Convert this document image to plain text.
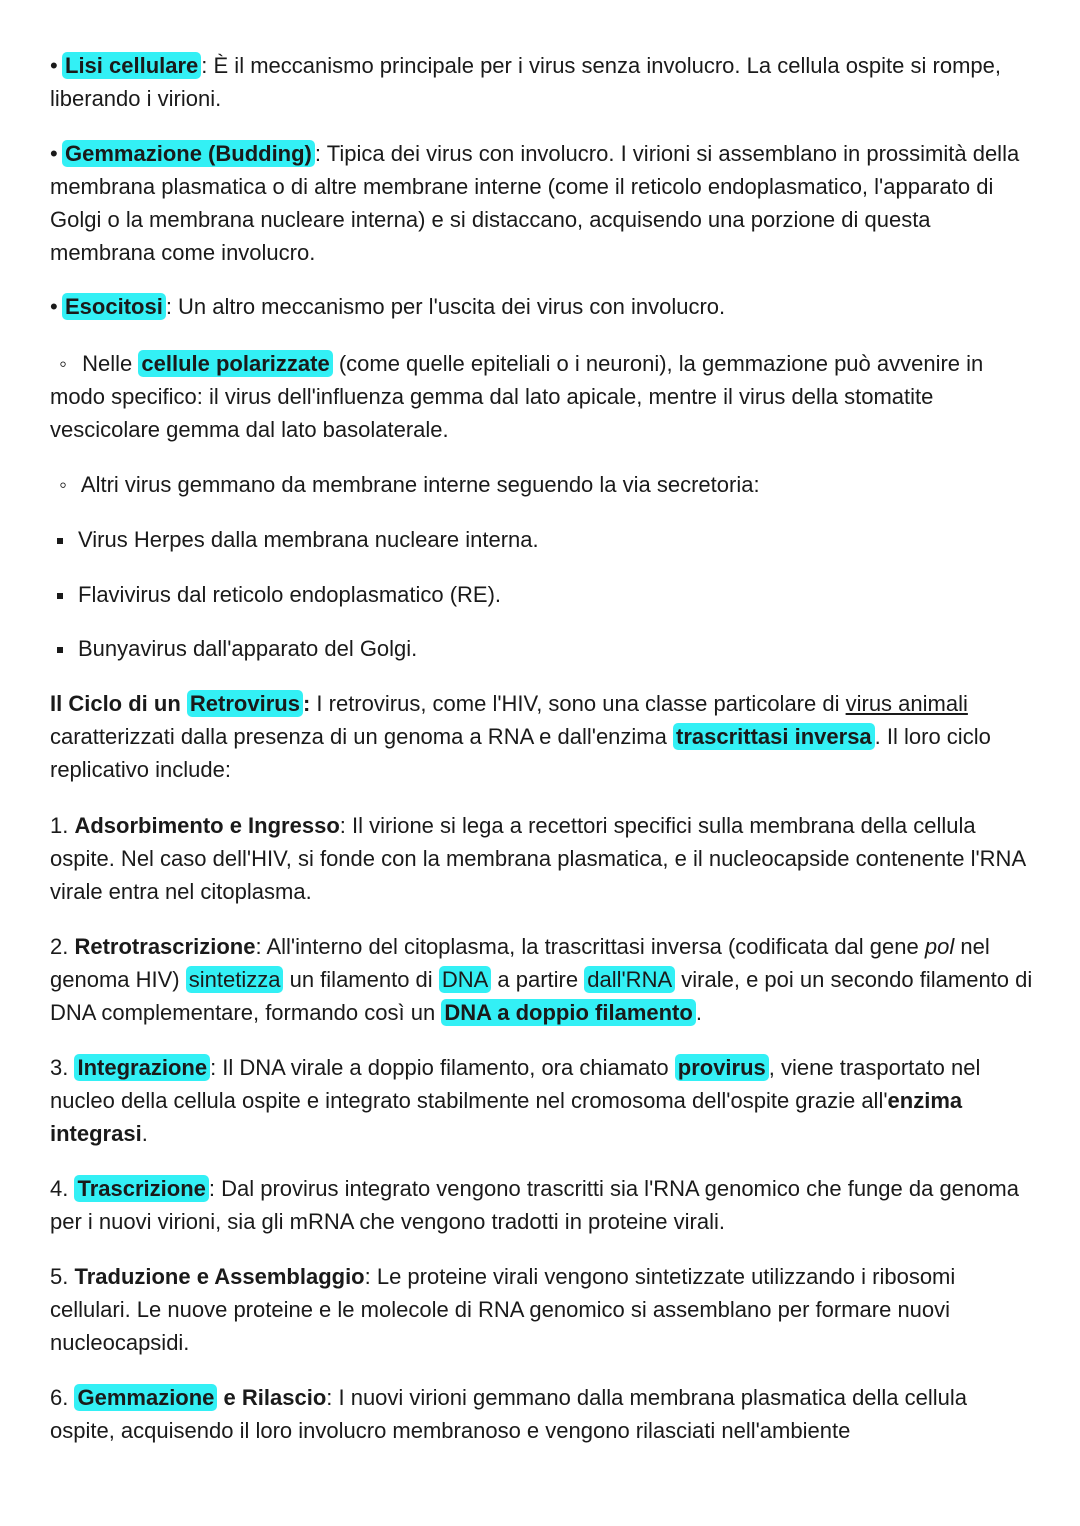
• Lisi cellulare : È il meccanismo principale per i virus senza involucro. La cellula ospite si rompe, liberando i virioni.

• Gemmazione (Budding) : Tipica dei virus con involucro. I virioni si assemblano in prossimità della membrana plasmatica o di altre membrane interne (come il reticolo endoplasmatico, l'apparato di Golgi o la membrana nucleare interna) e si distaccano, acquisendo una porzione di questa membrana come involucro.

• Esocitosi : Un altro meccanismo per l'uscita dei virus con involucro.

◦ Nelle cellule polarizzate (come quelle epiteliali o i neuroni), la gemmazione può avvenire in modo specifico: il virus dell'influenza gemma dal lato apicale, mentre il virus della stomatite vescicolare gemma dal lato basolaterale.

◦ Altri virus gemmano da membrane interne seguendo la via secretoria:

Virus Herpes dalla membrana nucleare interna.

Flavivirus dal reticolo endoplasmatico (RE).

Bunyavirus dall'apparato del Golgi.

Il Ciclo di un Retrovirus : I retrovirus, come l'HIV, sono una classe particolare di virus animali caratterizzati dalla presenza di un genoma a RNA e dall'enzima trascrittasi inversa . Il loro ciclo replicativo include:

1. Adsorbimento e Ingresso: Il virione si lega a recettori specifici sulla membrana della cellula ospite. Nel caso dell'HIV, si fonde con la membrana plasmatica, e il nucleocapside contenente l'RNA virale entra nel citoplasma.

2. Retrotrascrizione: All'interno del citoplasma, la trascrittasi inversa (codificata dal gene pol nel genoma HIV) sintetizza un filamento di DNA a partire dall'RNA virale, e poi un secondo filamento di DNA complementare, formando così un DNA a doppio filamento .

3. Integrazione : Il DNA virale a doppio filamento, ora chiamato provirus , viene trasportato nel nucleo della cellula ospite e integrato stabilmente nel cromosoma dell'ospite grazie all'enzima integrasi.

4. Trascrizione : Dal provirus integrato vengono trascritti sia l'RNA genomico che funge da genoma per i nuovi virioni, sia gli mRNA che vengono tradotti in proteine virali.

5. Traduzione e Assemblaggio: Le proteine virali vengono sintetizzate utilizzando i ribosomi cellulari. Le nuove proteine e le molecole di RNA genomico si assemblano per formare nuovi nucleocapsidi.

6. Gemmazione e Rilascio: I nuovi virioni gemmano dalla membrana plasmatica della cellula ospite, acquisendo il loro involucro membranoso e vengono rilasciati nell'ambiente
